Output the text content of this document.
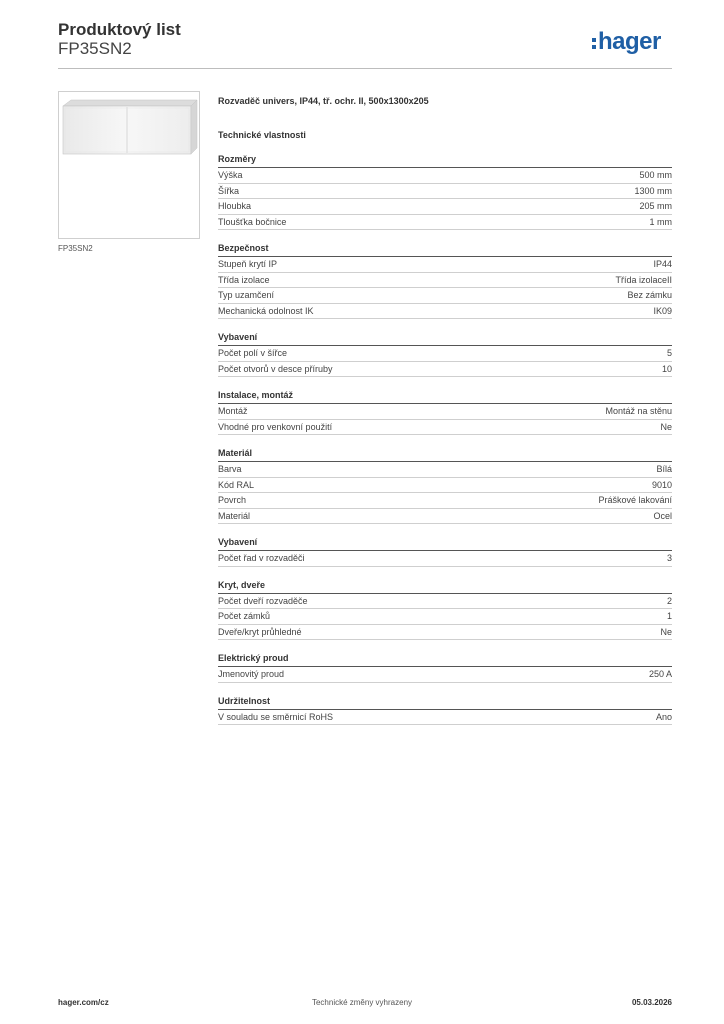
Produktový list
FP35SN2	hager
FP35SN2
Rozvaděč univers, IP44, tř. ochr. II, 500x1300x205
Technické vlastnosti
Rozměry
Výška	500 mm
Šířka	1300 mm
Hloubka	205 mm
Tloušťka bočnice	1 mm
Bezpečnost
Stupeň krytí IP	IP44
Třída izolace	Třída izolaceII
Typ uzamčení	Bez zámku
Mechanická odolnost IK	IK09
Vybavení
Počet polí v šířce	5
Počet otvorů v desce příruby	10
Instalace, montáž
Montáž	Montáž na stěnu
Vhodné pro venkovní použití	Ne
Materiál
Barva	Bílá
Kód RAL	9010
Povrch	Práškové lakování
Materiál	Ocel
Vybavení
Počet řad v rozvaděči	3
Kryt, dveře
Počet dveří rozvaděče	2
Počet zámků	1
Dveře/kryt průhledné	Ne
Elektrický proud
Jmenovitý proud	250 A
Udržitelnost
V souladu se směrnicí RoHS	Ano
hager.com/cz	Technické změny vyhrazeny	05.03.2026
